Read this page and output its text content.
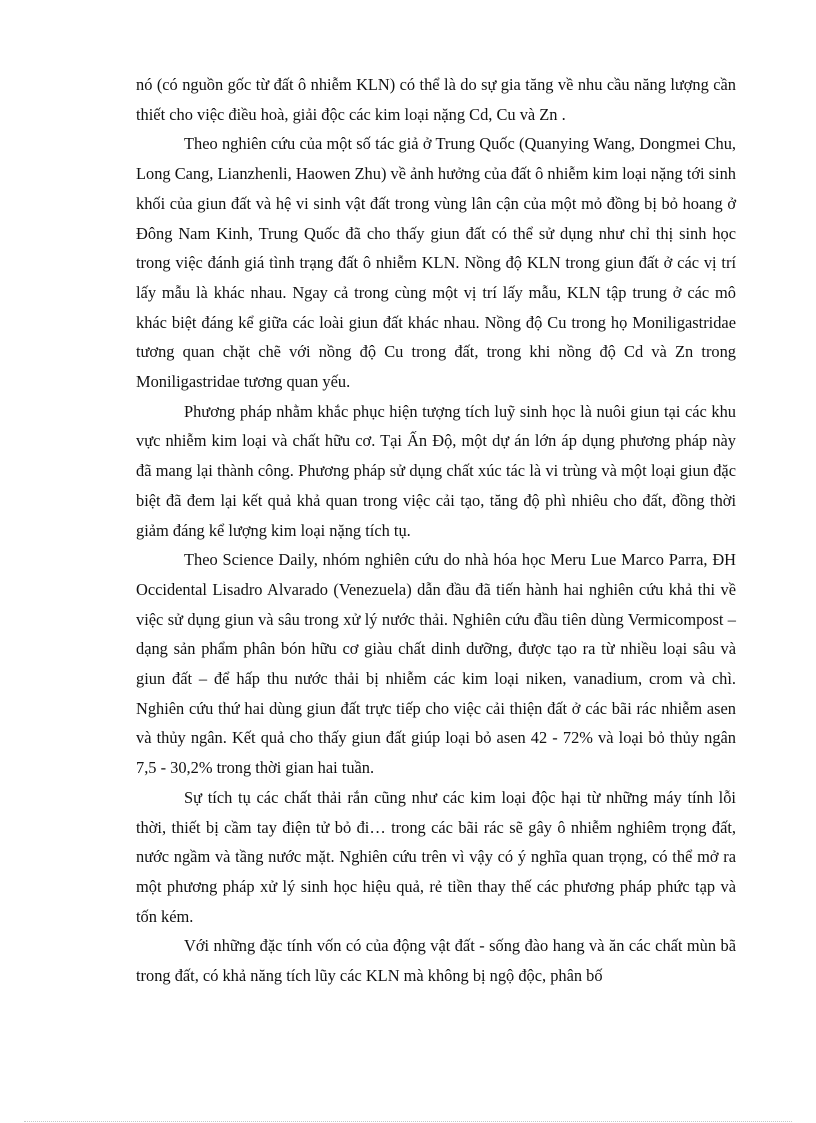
nó (có nguồn gốc từ đất ô nhiễm KLN) có thể là do sự gia tăng về nhu cầu năng lượng cần thiết cho việc điều hoà, giải độc các kim loại nặng Cd, Cu và Zn .

Theo nghiên cứu của một số tác giả ở Trung Quốc (Quanying Wang, Dongmei Chu, Long Cang, Lianzhenli, Haowen Zhu) về ảnh hưởng của đất ô nhiễm kim loại nặng tới sinh khối của giun đất và hệ vi sinh vật đất trong vùng lân cận của một mỏ đồng bị bỏ hoang ở Đông Nam Kinh, Trung Quốc đã cho thấy giun đất có thể sử dụng như chỉ thị sinh học trong việc đánh giá tình trạng đất ô nhiễm KLN. Nồng độ KLN trong giun đất ở các vị trí lấy mẫu là khác nhau. Ngay cả trong cùng một vị trí lấy mẫu, KLN tập trung ở các mô khác biệt đáng kể giữa các loài giun đất khác nhau. Nồng độ Cu trong họ Moniligastridae tương quan chặt chẽ với nồng độ Cu trong đất, trong khi nồng độ Cd và Zn trong Moniligastridae tương quan yếu.

Phương pháp nhằm khắc phục hiện tượng tích luỹ sinh học là nuôi giun tại các khu vực nhiễm kim loại và chất hữu cơ. Tại Ấn Độ, một dự án lớn áp dụng phương pháp này đã mang lại thành công. Phương pháp sử dụng chất xúc tác là vi trùng và một loại giun đặc biệt đã đem lại kết quả khả quan trong việc cải tạo, tăng độ phì nhiêu cho đất, đồng thời giảm đáng kể lượng kim loại nặng tích tụ.

Theo Science Daily, nhóm nghiên cứu do nhà hóa học Meru Lue Marco Parra, ĐH Occidental Lisadro Alvarado (Venezuela) dẫn đầu đã tiến hành hai nghiên cứu khả thi về việc sử dụng giun và sâu trong xử lý nước thải. Nghiên cứu đầu tiên dùng Vermicompost – dạng sản phẩm phân bón hữu cơ giàu chất dinh dưỡng, được tạo ra từ nhiều loại sâu và giun đất – để hấp thu nước thải bị nhiễm các kim loại niken, vanadium, crom và chì. Nghiên cứu thứ hai dùng giun đất trực tiếp cho việc cải thiện đất ở các bãi rác nhiễm asen và thủy ngân. Kết quả cho thấy giun đất giúp loại bỏ asen 42 - 72% và loại bỏ thủy ngân 7,5 - 30,2% trong thời gian hai tuần.

Sự tích tụ các chất thải rắn cũng như các kim loại độc hại từ những máy tính lỗi thời, thiết bị cầm tay điện tử bỏ đi… trong các bãi rác sẽ gây ô nhiễm nghiêm trọng đất, nước ngầm và tầng nước mặt. Nghiên cứu trên vì vậy có ý nghĩa quan trọng, có thể mở ra một phương pháp xử lý sinh học hiệu quả, rẻ tiền thay thế các phương pháp phức tạp và tốn kém.

Với những đặc tính vốn có của động vật đất - sống đào hang và ăn các chất mùn bã trong đất, có khả năng tích lũy các KLN mà không bị ngộ độc, phân bố
